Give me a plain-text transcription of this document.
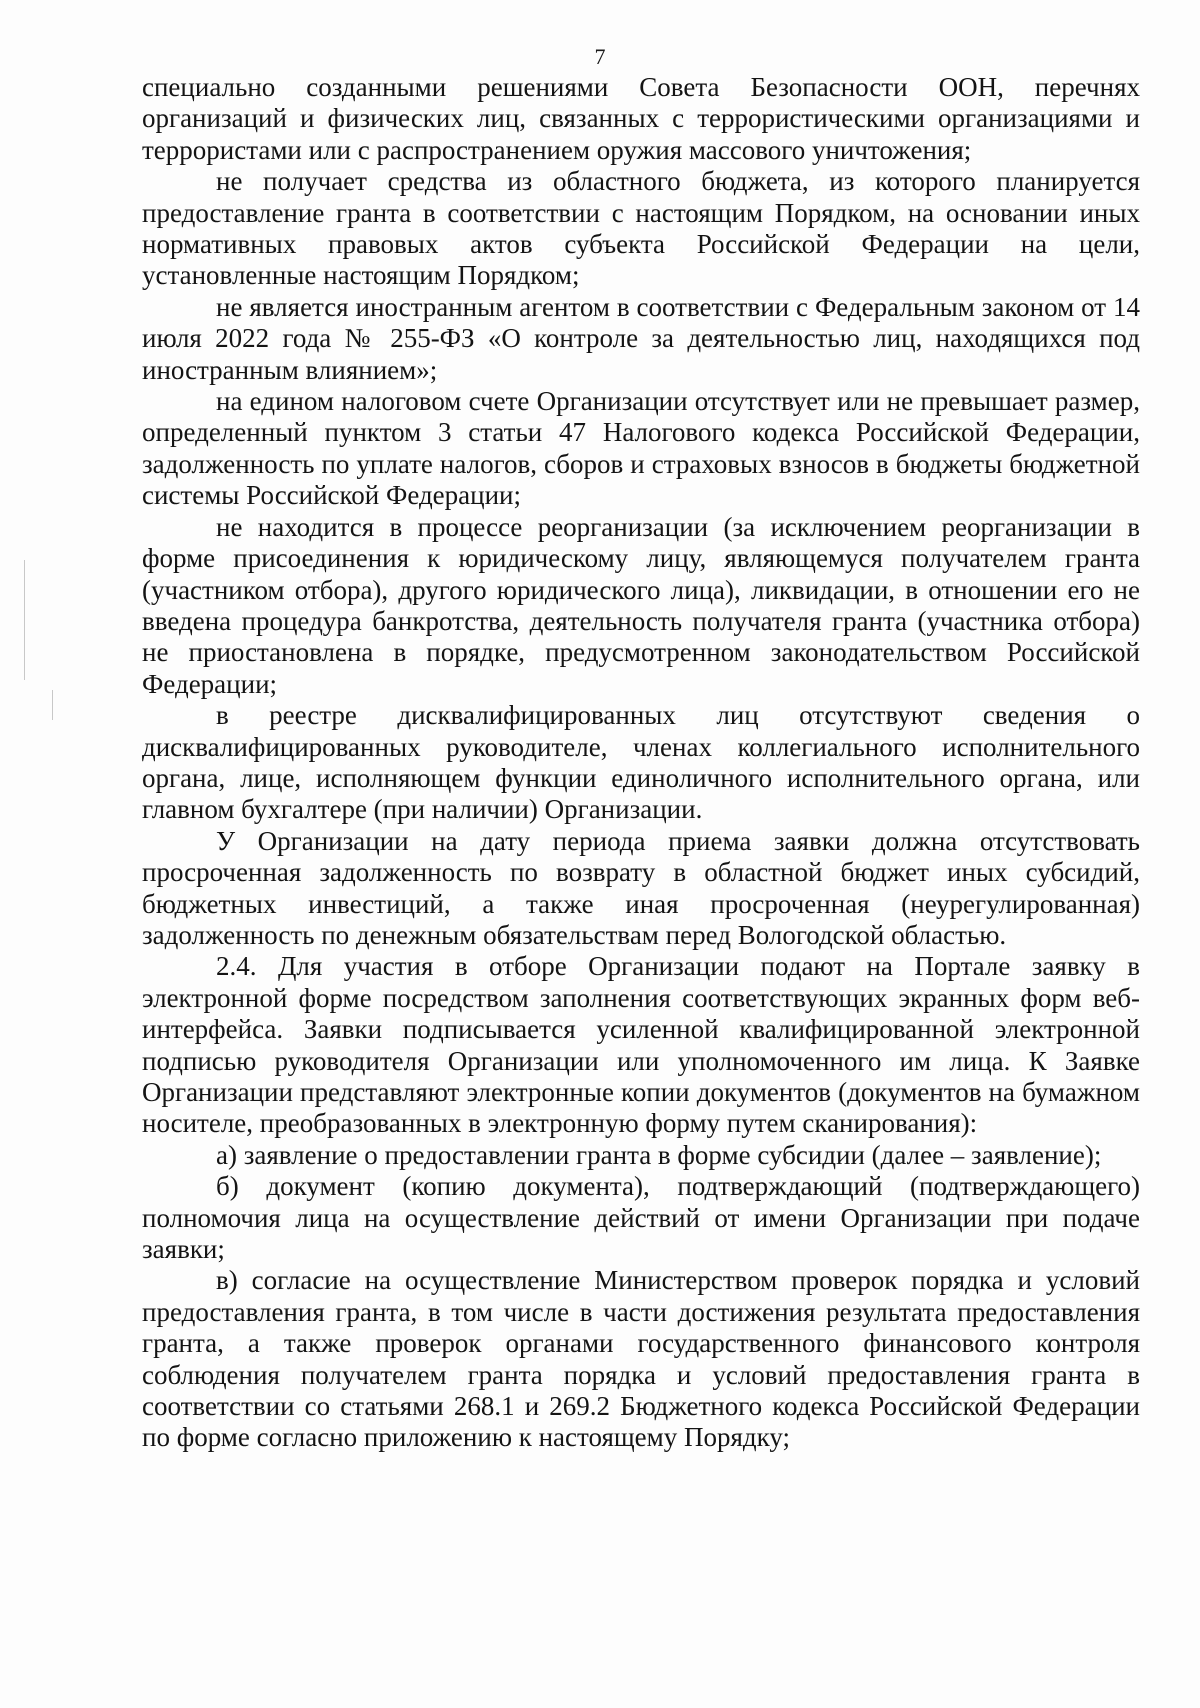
7

специально созданными решениями Совета Безопасности ООН, перечнях организаций и физических лиц, связанных с террористическими организациями и террористами или с распространением оружия массового уничтожения;

не получает средства из областного бюджета, из которого планируется предоставление гранта в соответствии с настоящим Порядком, на основании иных нормативных правовых актов субъекта Российской Федерации на цели, установленные настоящим Порядком;

не является иностранным агентом в соответствии с Федеральным законом от 14 июля 2022 года № 255-ФЗ «О контроле за деятельностью лиц, находящихся под иностранным влиянием»;

на едином налоговом счете Организации отсутствует или не превышает размер, определенный пунктом 3 статьи 47 Налогового кодекса Российской Федерации, задолженность по уплате налогов, сборов и страховых взносов в бюджеты бюджетной системы Российской Федерации;

не находится в процессе реорганизации (за исключением реорганизации в форме присоединения к юридическому лицу, являющемуся получателем гранта (участником отбора), другого юридического лица), ликвидации, в отношении его не введена процедура банкротства, деятельность получателя гранта (участника отбора) не приостановлена в порядке, предусмотренном законодательством Российской Федерации;

в реестре дисквалифицированных лиц отсутствуют сведения о дисквалифицированных руководителе, членах коллегиального исполнительного органа, лице, исполняющем функции единоличного исполнительного органа, или главном бухгалтере (при наличии) Организации.

У Организации на дату периода приема заявки должна отсутствовать просроченная задолженность по возврату в областной бюджет иных субсидий, бюджетных инвестиций, а также иная просроченная (неурегулированная) задолженность по денежным обязательствам перед Вологодской областью.

2.4. Для участия в отборе Организации подают на Портале заявку в электронной форме посредством заполнения соответствующих экранных форм веб-интерфейса. Заявки подписывается усиленной квалифицированной электронной подписью руководителя Организации или уполномоченного им лица. К Заявке Организации представляют электронные копии документов (документов на бумажном носителе, преобразованных в электронную форму путем сканирования):

а) заявление о предоставлении гранта в форме субсидии (далее – заявление);

б) документ (копию документа), подтверждающий (подтверждающего) полномочия лица на осуществление действий от имени Организации при подаче заявки;

в) согласие на осуществление Министерством проверок порядка и условий предоставления гранта, в том числе в части достижения результата предоставления гранта, а также проверок органами государственного финансового контроля соблюдения получателем гранта порядка и условий предоставления гранта в соответствии со статьями 268.1 и 269.2 Бюджетного кодекса Российской Федерации по форме согласно приложению к настоящему Порядку;
